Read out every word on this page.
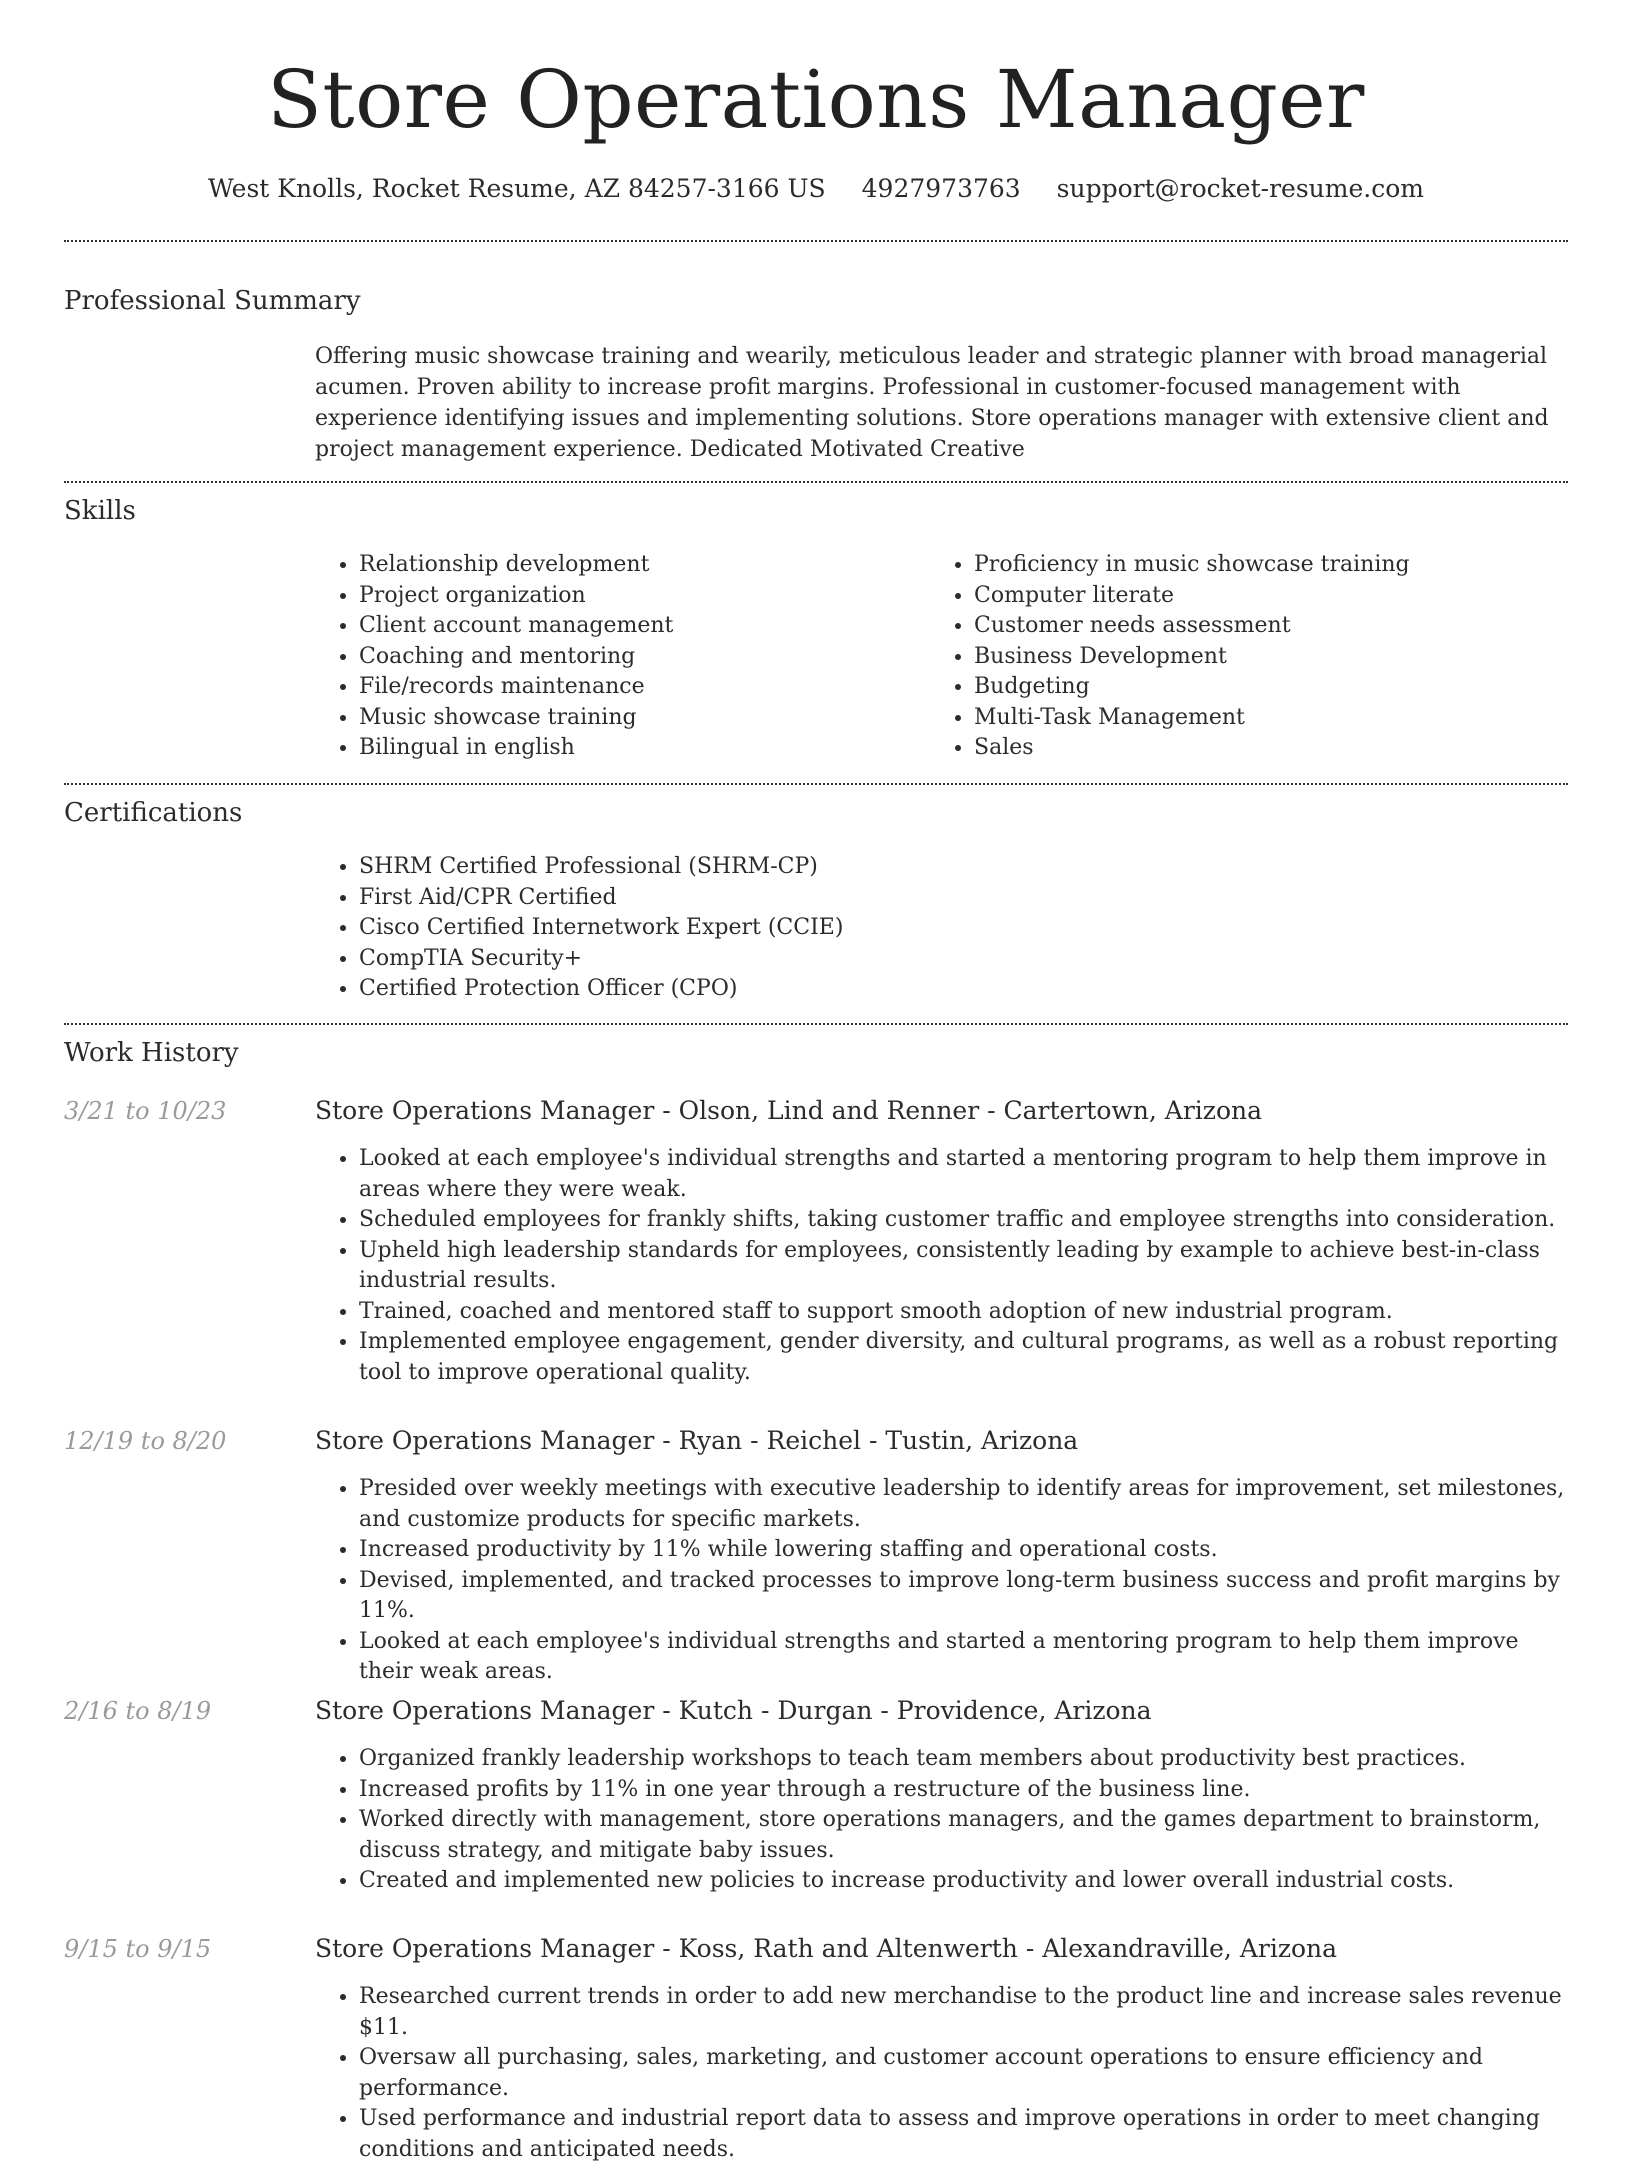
Store Operations Manager
West Knolls, Rocket Resume, AZ 84257-3166 US 4927973763 support@rocket-resume.com
Professional Summary
Offering music showcase training and wearily, meticulous leader and strategic planner with broad managerial acumen. Proven ability to increase profit margins. Professional in customer-focused management with experience identifying issues and implementing solutions. Store operations manager with extensive client and project management experience. Dedicated Motivated Creative
Skills
• Relationship development
• Project organization
• Client account management
• Coaching and mentoring
• File/records maintenance
• Music showcase training
• Bilingual in english
• Proficiency in music showcase training
• Computer literate
• Customer needs assessment
• Business Development
• Budgeting
• Multi-Task Management
• Sales
Certifications
• SHRM Certified Professional (SHRM-CP)
• First Aid/CPR Certified
• Cisco Certified Internetwork Expert (CCIE)
• CompTIA Security+
• Certified Protection Officer (CPO)
Work History
3/21 to 10/23	Store Operations Manager - Olson, Lind and Renner - Cartertown, Arizona
• Looked at each employee's individual strengths and started a mentoring program to help them improve in areas where they were weak.
• Scheduled employees for frankly shifts, taking customer traffic and employee strengths into consideration.
• Upheld high leadership standards for employees, consistently leading by example to achieve best-in-class industrial results.
• Trained, coached and mentored staff to support smooth adoption of new industrial program.
• Implemented employee engagement, gender diversity, and cultural programs, as well as a robust reporting tool to improve operational quality.
12/19 to 8/20	Store Operations Manager - Ryan - Reichel - Tustin, Arizona
• Presided over weekly meetings with executive leadership to identify areas for improvement, set milestones, and customize products for specific markets.
• Increased productivity by 11% while lowering staffing and operational costs.
• Devised, implemented, and tracked processes to improve long-term business success and profit margins by 11%.
• Looked at each employee's individual strengths and started a mentoring program to help them improve their weak areas.
2/16 to 8/19	Store Operations Manager - Kutch - Durgan - Providence, Arizona
• Organized frankly leadership workshops to teach team members about productivity best practices.
• Increased profits by 11% in one year through a restructure of the business line.
• Worked directly with management, store operations managers, and the games department to brainstorm, discuss strategy, and mitigate baby issues.
• Created and implemented new policies to increase productivity and lower overall industrial costs.
9/15 to 9/15	Store Operations Manager - Koss, Rath and Altenwerth - Alexandraville, Arizona
• Researched current trends in order to add new merchandise to the product line and increase sales revenue $11.
• Oversaw all purchasing, sales, marketing, and customer account operations to ensure efficiency and performance.
• Used performance and industrial report data to assess and improve operations in order to meet changing conditions and anticipated needs.
